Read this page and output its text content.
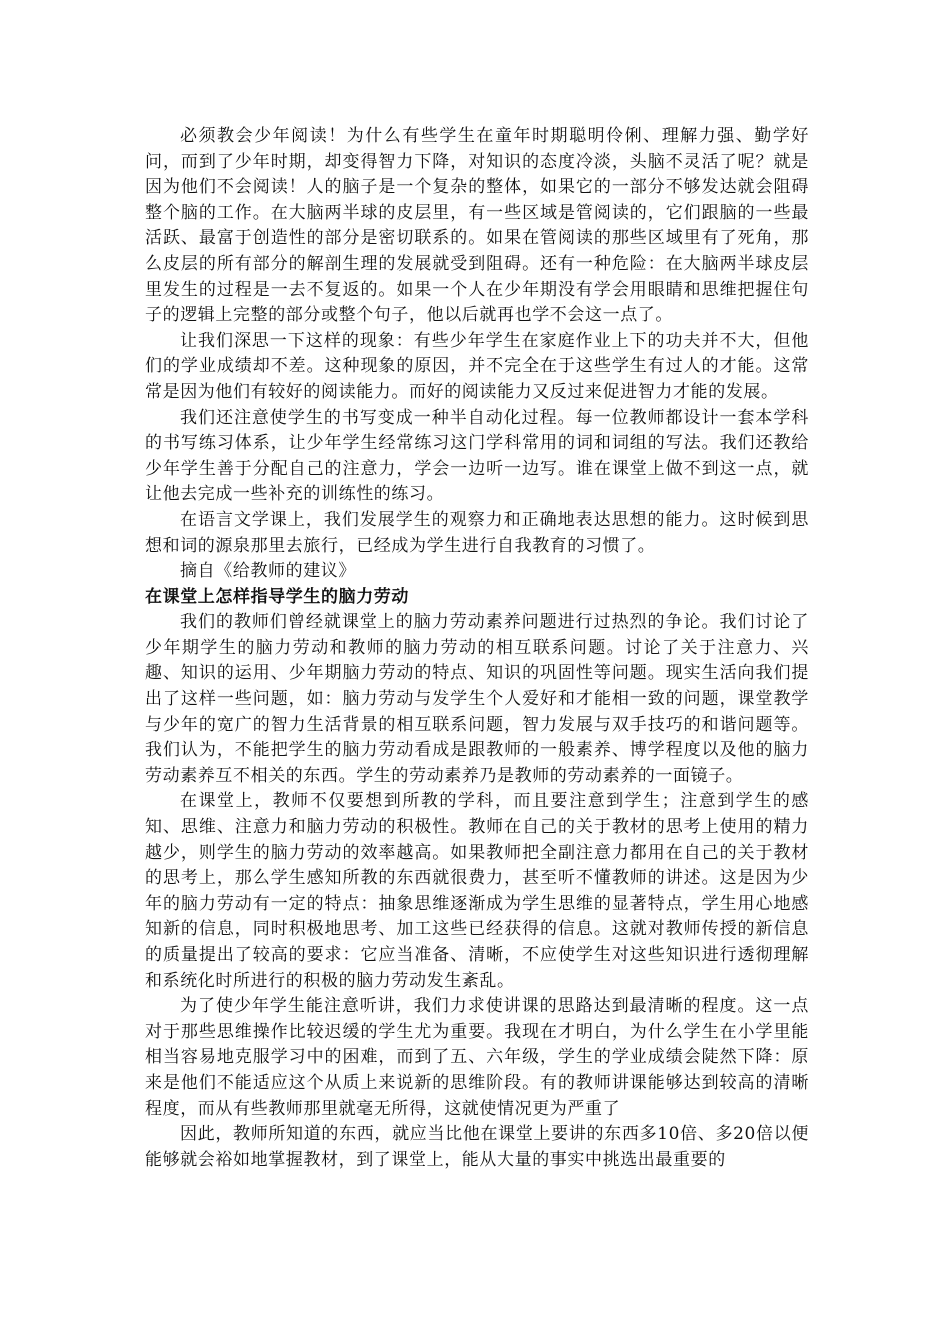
必须教会少年阅读！为什么有些学生在童年时期聪明伶俐、理解力强、勤学好问，而到了少年时期，却变得智力下降，对知识的态度冷淡，头脑不灵活了呢？就是因为他们不会阅读！人的脑子是一个复杂的整体，如果它的一部分不够发达就会阻碍整个脑的工作。在大脑两半球的皮层里，有一些区域是管阅读的，它们跟脑的一些最活跃、最富于创造性的部分是密切联系的。如果在管阅读的那些区域里有了死角，那么皮层的所有部分的解剖生理的发展就受到阻碍。还有一种危险：在大脑两半球皮层里发生的过程是一去不复返的。如果一个人在少年期没有学会用眼睛和思维把握住句子的逻辑上完整的部分或整个句子，他以后就再也学不会这一点了。

让我们深思一下这样的现象：有些少年学生在家庭作业上下的功夫并不大，但他们的学业成绩却不差。这种现象的原因，并不完全在于这些学生有过人的才能。这常常是因为他们有较好的阅读能力。而好的阅读能力又反过来促进智力才能的发展。

我们还注意使学生的书写变成一种半自动化过程。每一位教师都设计一套本学科的书写练习体系，让少年学生经常练习这门学科常用的词和词组的写法。我们还教给少年学生善于分配自己的注意力，学会一边听一边写。谁在课堂上做不到这一点，就让他去完成一些补充的训练性的练习。

在语言文学课上，我们发展学生的观察力和正确地表达思想的能力。这时候到思想和词的源泉那里去旅行，已经成为学生进行自我教育的习惯了。

摘自《给教师的建议》

在课堂上怎样指导学生的脑力劳动

我们的教师们曾经就课堂上的脑力劳动素养问题进行过热烈的争论。我们讨论了少年期学生的脑力劳动和教师的脑力劳动的相互联系问题。讨论了关于注意力、兴趣、知识的运用、少年期脑力劳动的特点、知识的巩固性等问题。现实生活向我们提出了这样一些问题，如：脑力劳动与发学生个人爱好和才能相一致的问题，课堂教学与少年的宽广的智力生活背景的相互联系问题，智力发展与双手技巧的和谐问题等。我们认为，不能把学生的脑力劳动看成是跟教师的一般素养、博学程度以及他的脑力劳动素养互不相关的东西。学生的劳动素养乃是教师的劳动素养的一面镜子。

在课堂上，教师不仅要想到所教的学科，而且要注意到学生；注意到学生的感知、思维、注意力和脑力劳动的积极性。教师在自己的关于教材的思考上使用的精力越少，则学生的脑力劳动的效率越高。如果教师把全副注意力都用在自己的关于教材的思考上，那么学生感知所教的东西就很费力，甚至听不懂教师的讲述。这是因为少年的脑力劳动有一定的特点：抽象思维逐渐成为学生思维的显著特点，学生用心地感知新的信息，同时积极地思考、加工这些已经获得的信息。这就对教师传授的新信息的质量提出了较高的要求：它应当准备、清晰，不应使学生对这些知识进行透彻理解和系统化时所进行的积极的脑力劳动发生紊乱。

为了使少年学生能注意听讲，我们力求使讲课的思路达到最清晰的程度。这一点对于那些思维操作比较迟缓的学生尤为重要。我现在才明白，为什么学生在小学里能相当容易地克服学习中的困难，而到了五、六年级，学生的学业成绩会陡然下降：原来是他们不能适应这个从质上来说新的思维阶段。有的教师讲课能够达到较高的清晰程度，而从有些教师那里就毫无所得，这就使情况更为严重了

因此，教师所知道的东西，就应当比他在课堂上要讲的东西多10倍、多20倍以便能够就会裕如地掌握教材，到了课堂上，能从大量的事实中挑选出最重要的
